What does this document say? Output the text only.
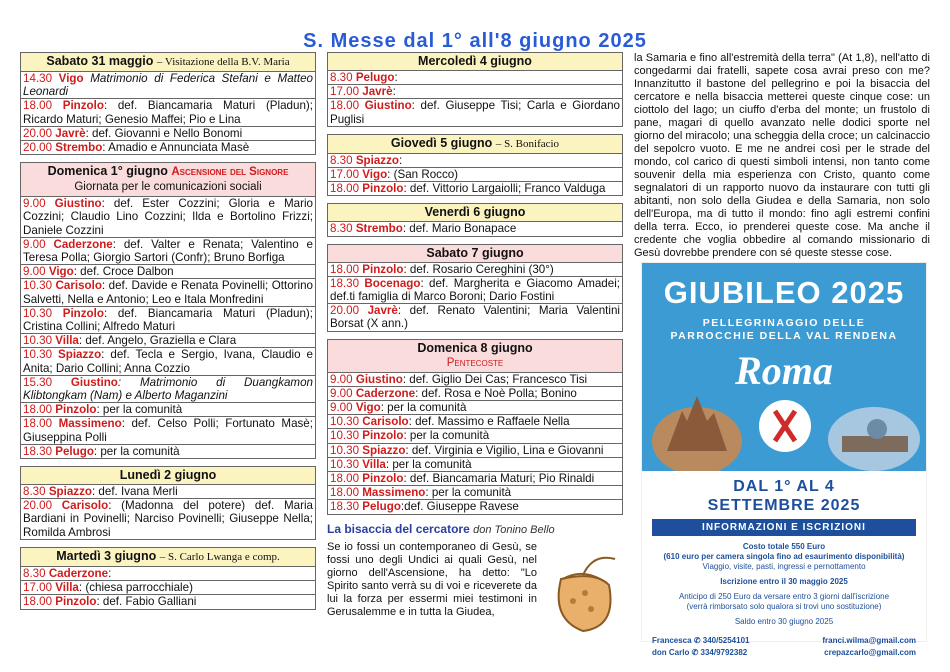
S. Messe dal 1° all'8 giugno 2025
Sabato 31 maggio – Visitazione della B.V. Maria
14.30 Vigo Matrimonio di Federica Stefani e Matteo Leonardi
18.00 Pinzolo: def. Biancamaria Maturi (Pladun); Ricardo Maturi; Genesio Maffei; Pio e Lina
20.00 Javrè: def. Giovanni e Nello Bonomi
20.00 Strembo: Amadio e Annunciata Masè
Domenica 1° giugno Ascensione del Signore
Giornata per le comunicazioni sociali
9.00 Giustino: def. Ester Cozzini; Gloria e Mario Cozzini; Claudio Lino Cozzini; Ilda e Bortolino Frizzi; Daniele Cozzini
9.00 Caderzone: def. Valter e Renata; Valentino e Teresa Polla; Giorgio Sartori (Confr); Bruno Borfiga
9.00 Vigo: def. Croce Dalbon
10.30 Carisolo: def. Davide e Renata Povinelli; Ottorino Salvetti, Nella e Antonio; Leo e Itala Monfredini
10.30 Pinzolo: def. Biancamaria Maturi (Pladun); Cristina Collini; Alfredo Maturi
10.30 Villa: def. Angelo, Graziella e Clara
10.30 Spiazzo: def. Tecla e Sergio, Ivana, Claudio e Anita; Dario Collini; Anna Cozzio
15.30 Giustino: Matrimonio di Duangkamon Klibtongkam (Nam) e Alberto Maganzini
18.00 Pinzolo: per la comunità
18.00 Massimeno: def. Celso Polli; Fortunato Masè; Giuseppina Polli
18.30 Pelugo: per la comunità
Lunedì 2 giugno
8.30 Spiazzo: def. Ivana Merli
20.00 Carisolo: (Madonna del potere) def. Maria Bardiani in Povinelli; Narciso Povinelli; Giuseppe Nella; Romilda Ambrosi
Martedì 3 giugno – S. Carlo Lwanga e comp.
8.30 Caderzone:
17.00 Villa: (chiesa parrocchiale)
18.00 Pinzolo: def. Fabio Galliani
Mercoledì 4 giugno
8.30 Pelugo:
17.00 Javrè:
18.00 Giustino: def. Giuseppe Tisi; Carla e Giordano Puglisi
Giovedì 5 giugno – S. Bonifacio
8.30 Spiazzo:
17.00 Vigo: (San Rocco)
18.00 Pinzolo: def. Vittorio Largaiolli; Franco Valduga
Venerdì 6 giugno
8.30 Strembo: def. Mario Bonapace
Sabato 7 giugno
18.00 Pinzolo: def. Rosario Cereghini (30°)
18.30 Bocenago: def. Margherita e Giacomo Amadei; def.ti famiglia di Marco Boroni; Dario Fostini
20.00 Javrè: def. Renato Valentini; Maria Valentini Borsat (X ann.)
Domenica 8 giugno
Pentecoste
9.00 Giustino: def. Giglio Dei Cas; Francesco Tisi
9.00 Caderzone: def. Rosa e Noè Polla; Bonino
9.00 Vigo: per la comunità
10.30 Carisolo: def. Massimo e Raffaele Nella
10.30 Pinzolo: per la comunità
10.30 Spiazzo: def. Virginia e Vigilio, Lina e Giovanni
10.30 Villa: per la comunità
18.00 Pinzolo: def. Biancamaria Maturi; Pio Rinaldi
18.00 Massimeno: per la comunità
18.30 Pelugo:def. Giuseppe Ravese
La bisaccia del cercatore don Tonino Bello
Se io fossi un contemporaneo di Gesù, se fossi uno degli Undici ai quali Gesù, nel giorno dell'Ascensione, ha detto: "Lo Spirito santo verrà su di voi e riceverete da lui la forza per essermi miei testimoni in Gerusalemme e in tutta la Giudea,
la Samaria e fino all'estremità della terra" (At 1,8), nell'atto di congedarmi dai fratelli, sapete cosa avrai preso con me? Innanzitutto il bastone del pellegrino e poi la bisaccia del cercatore e nella bisaccia metterei queste cinque cose: un ciottolo del lago; un ciuffo d'erba del monte; un frustolo di pane, magari di quello avanzato nelle dodici sporte nel giorno del miracolo; una scheggia della croce; un calcinaccio del sepolcro vuoto. E me ne andrei così per le strade del mondo, col carico di questi simboli intensi, non tanto come souvenir della mia esperienza con Cristo, quanto come segnalatori di un rapporto nuovo da instaurare con tutti gli abitanti, non solo della Giudea e della Samaria, non solo dell'Europa, ma di tutto il mondo: fino agli estremi confini della terra. Ecco, io prenderei queste cose. Ma anche il credente che voglia obbedire al comando missionario di Gesù dovrebbe prendere con sé queste stesse cose.
GIUBILEO 2025
PELLEGRINAGGIO DELLE
PARROCCHIE DELLA VAL RENDENA
Roma
DAL 1° AL 4
SETTEMBRE 2025
INFORMAZIONI E ISCRIZIONI
Costo totale 550 Euro
(610 euro per camera singola fino ad esaurimento disponibilità)
Viaggio, visite, pasti, ingressi e pernottamento
Iscrizione entro il 30 maggio 2025
Anticipo di 250 Euro da versare entro 3 giorni dall'iscrizione
(verrà rimborsato solo qualora si trovi uno sostituzione)
Saldo entro 30 giugno 2025
Francesca ✆ 340/5254101
don Carlo ✆ 334/9792382
franci.wilma@gmail.com
crepazcarlo@gmail.com
